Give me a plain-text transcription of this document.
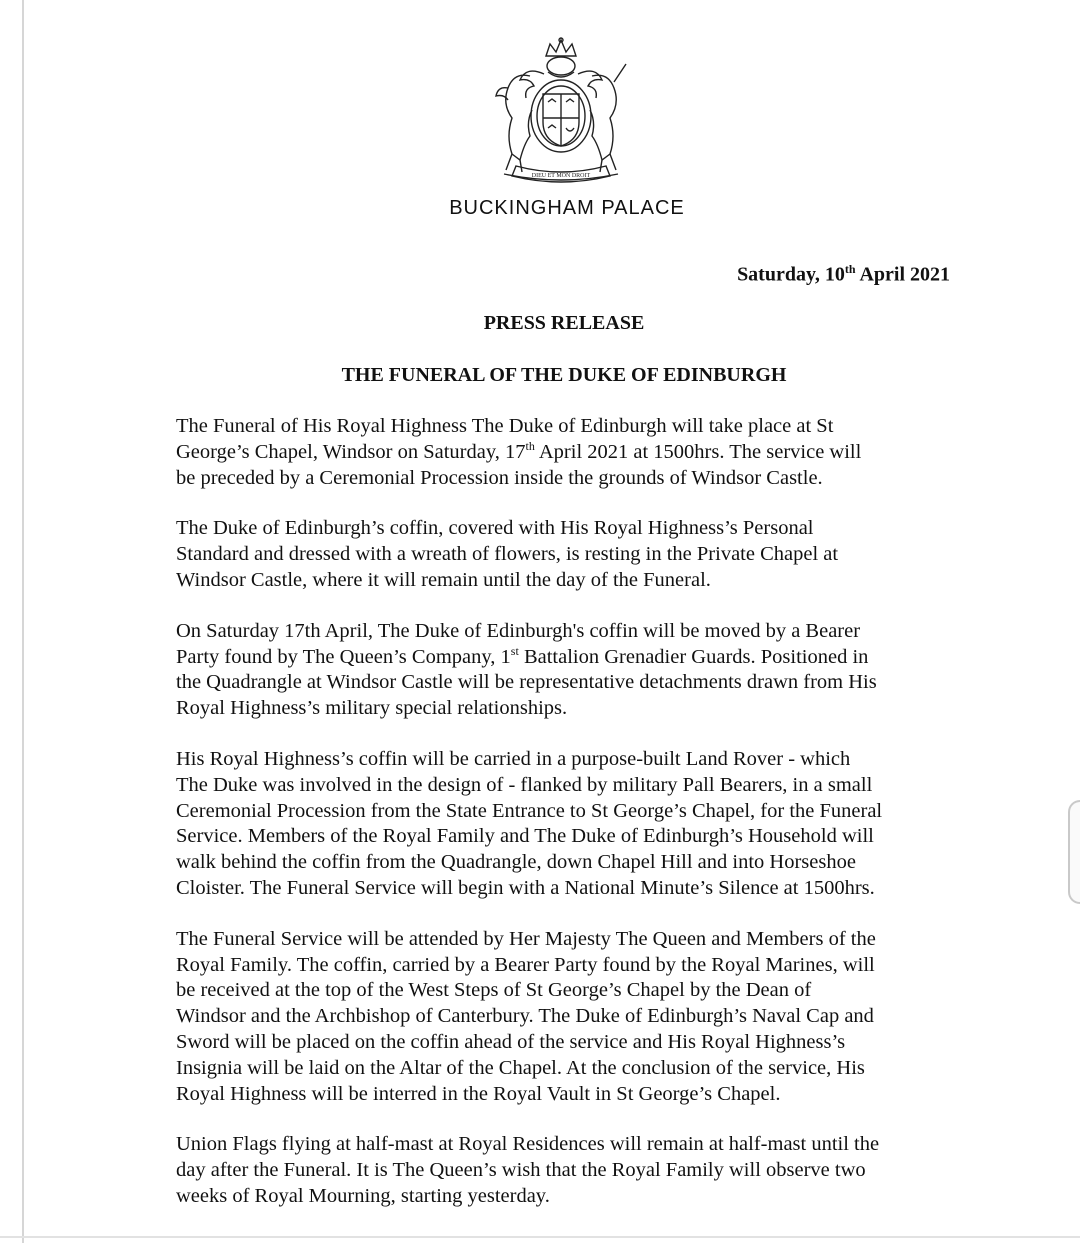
DIEU ET MON DROIT
BUCKINGHAM PALACE
Saturday, 10th April 2021
PRESS RELEASE
THE FUNERAL OF THE DUKE OF EDINBURGH

The Funeral of His Royal Highness The Duke of Edinburgh will take place at St
George’s Chapel, Windsor on Saturday, 17th April 2021 at 1500hrs. The service will
be preceded by a Ceremonial Procession inside the grounds of Windsor Castle.

The Duke of Edinburgh’s coffin, covered with His Royal Highness’s Personal
Standard and dressed with a wreath of flowers, is resting in the Private Chapel at
Windsor Castle, where it will remain until the day of the Funeral.

On Saturday 17th April, The Duke of Edinburgh's coffin will be moved by a Bearer
Party found by The Queen’s Company, 1st Battalion Grenadier Guards. Positioned in
the Quadrangle at Windsor Castle will be representative detachments drawn from His
Royal Highness’s military special relationships.

His Royal Highness’s coffin will be carried in a purpose-built Land Rover - which
The Duke was involved in the design of - flanked by military Pall Bearers, in a small
Ceremonial Procession from the State Entrance to St George’s Chapel, for the Funeral
Service. Members of the Royal Family and The Duke of Edinburgh’s Household will
walk behind the coffin from the Quadrangle, down Chapel Hill and into Horseshoe
Cloister. The Funeral Service will begin with a National Minute’s Silence at 1500hrs.

The Funeral Service will be attended by Her Majesty The Queen and Members of the
Royal Family. The coffin, carried by a Bearer Party found by the Royal Marines, will
be received at the top of the West Steps of St George’s Chapel by the Dean of
Windsor and the Archbishop of Canterbury. The Duke of Edinburgh’s Naval Cap and
Sword will be placed on the coffin ahead of the service and His Royal Highness’s
Insignia will be laid on the Altar of the Chapel. At the conclusion of the service, His
Royal Highness will be interred in the Royal Vault in St George’s Chapel.

Union Flags flying at half-mast at Royal Residences will remain at half-mast until the
day after the Funeral. It is The Queen’s wish that the Royal Family will observe two
weeks of Royal Mourning, starting yesterday.
